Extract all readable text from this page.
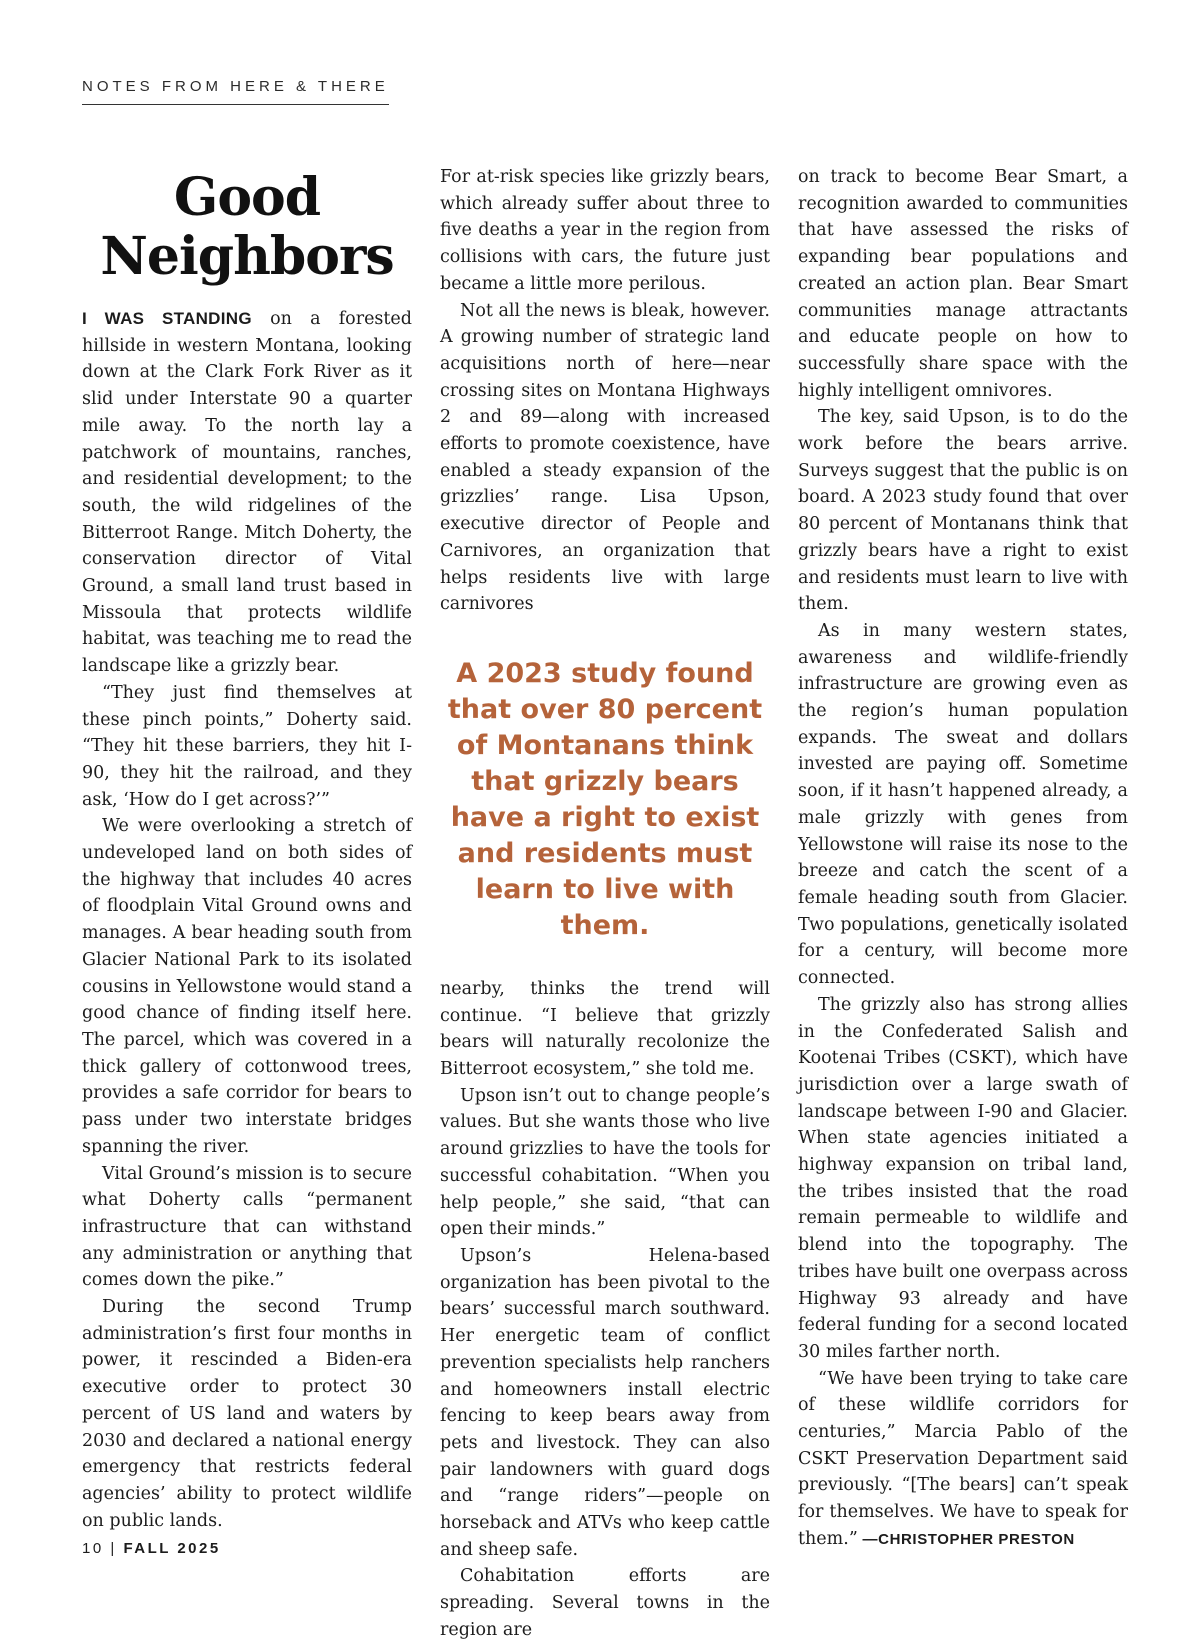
NOTES FROM HERE & THERE
Good
Neighbors

I WAS STANDING on a forested hillside in western Montana, looking down at the Clark Fork River as it slid under Interstate 90 a quarter mile away. To the north lay a patchwork of mountains, ranches, and residential development; to the south, the wild ridgelines of the Bitterroot Range. Mitch Doherty, the conservation director of Vital Ground, a small land trust based in Missoula that protects wildlife habitat, was teaching me to read the landscape like a grizzly bear.

“They just find themselves at these pinch points,” Doherty said. “They hit these barriers, they hit I-90, they hit the railroad, and they ask, ‘How do I get across?’”

We were overlooking a stretch of undeveloped land on both sides of the highway that includes 40 acres of floodplain Vital Ground owns and manages. A bear heading south from Glacier National Park to its isolated cousins in Yellowstone would stand a good chance of finding itself here. The parcel, which was covered in a thick gallery of cottonwood trees, provides a safe corridor for bears to pass under two interstate bridges spanning the river.

Vital Ground’s mission is to secure what Doherty calls “permanent infrastructure that can withstand any administration or anything that comes down the pike.”

During the second Trump administration’s first four months in power, it rescinded a Biden-era executive order to protect 30 percent of US land and waters by 2030 and declared a national energy emergency that restricts federal agencies’ ability to protect wildlife on public lands.

For at-risk species like grizzly bears, which already suffer about three to five deaths a year in the region from collisions with cars, the future just became a little more perilous.

Not all the news is bleak, however. A growing number of strategic land acquisitions north of here—near crossing sites on Montana Highways 2 and 89—along with increased efforts to promote coexistence, have enabled a steady expansion of the grizzlies’ range. Lisa Upson, executive director of People and Carnivores, an organization that helps residents live with large carnivores

A 2023 study found that over 80 percent of Montanans think that grizzly bears have a right to exist and residents must learn to live with them.

nearby, thinks the trend will continue. “I believe that grizzly bears will naturally recolonize the Bitterroot ecosystem,” she told me.

Upson isn’t out to change people’s values. But she wants those who live around grizzlies to have the tools for successful cohabitation. “When you help people,” she said, “that can open their minds.”

Upson’s Helena-based organization has been pivotal to the bears’ successful march southward. Her energetic team of conflict prevention specialists help ranchers and homeowners install electric fencing to keep bears away from pets and livestock. They can also pair landowners with guard dogs and “range riders”—people on horseback and ATVs who keep cattle and sheep safe.

Cohabitation efforts are spreading. Several towns in the region are

on track to become Bear Smart, a recognition awarded to communities that have assessed the risks of expanding bear populations and created an action plan. Bear Smart communities manage attractants and educate people on how to successfully share space with the highly intelligent omnivores.

The key, said Upson, is to do the work before the bears arrive. Surveys suggest that the public is on board. A 2023 study found that over 80 percent of Montanans think that grizzly bears have a right to exist and residents must learn to live with them.

As in many western states, awareness and wildlife-friendly infrastructure are growing even as the region’s human population expands. The sweat and dollars invested are paying off. Sometime soon, if it hasn’t happened already, a male grizzly with genes from Yellowstone will raise its nose to the breeze and catch the scent of a female heading south from Glacier. Two populations, genetically isolated for a century, will become more connected.

The grizzly also has strong allies in the Confederated Salish and Kootenai Tribes (CSKT), which have jurisdiction over a large swath of landscape between I-90 and Glacier. When state agencies initiated a highway expansion on tribal land, the tribes insisted that the road remain permeable to wildlife and blend into the topography. The tribes have built one overpass across Highway 93 already and have federal funding for a second located 30 miles farther north.

“We have been trying to take care of these wildlife corridors for centuries,” Marcia Pablo of the CSKT Preservation Department said previously. “[The bears] can’t speak for themselves. We have to speak for them.” —CHRISTOPHER PRESTON

10 | FALL 2025
